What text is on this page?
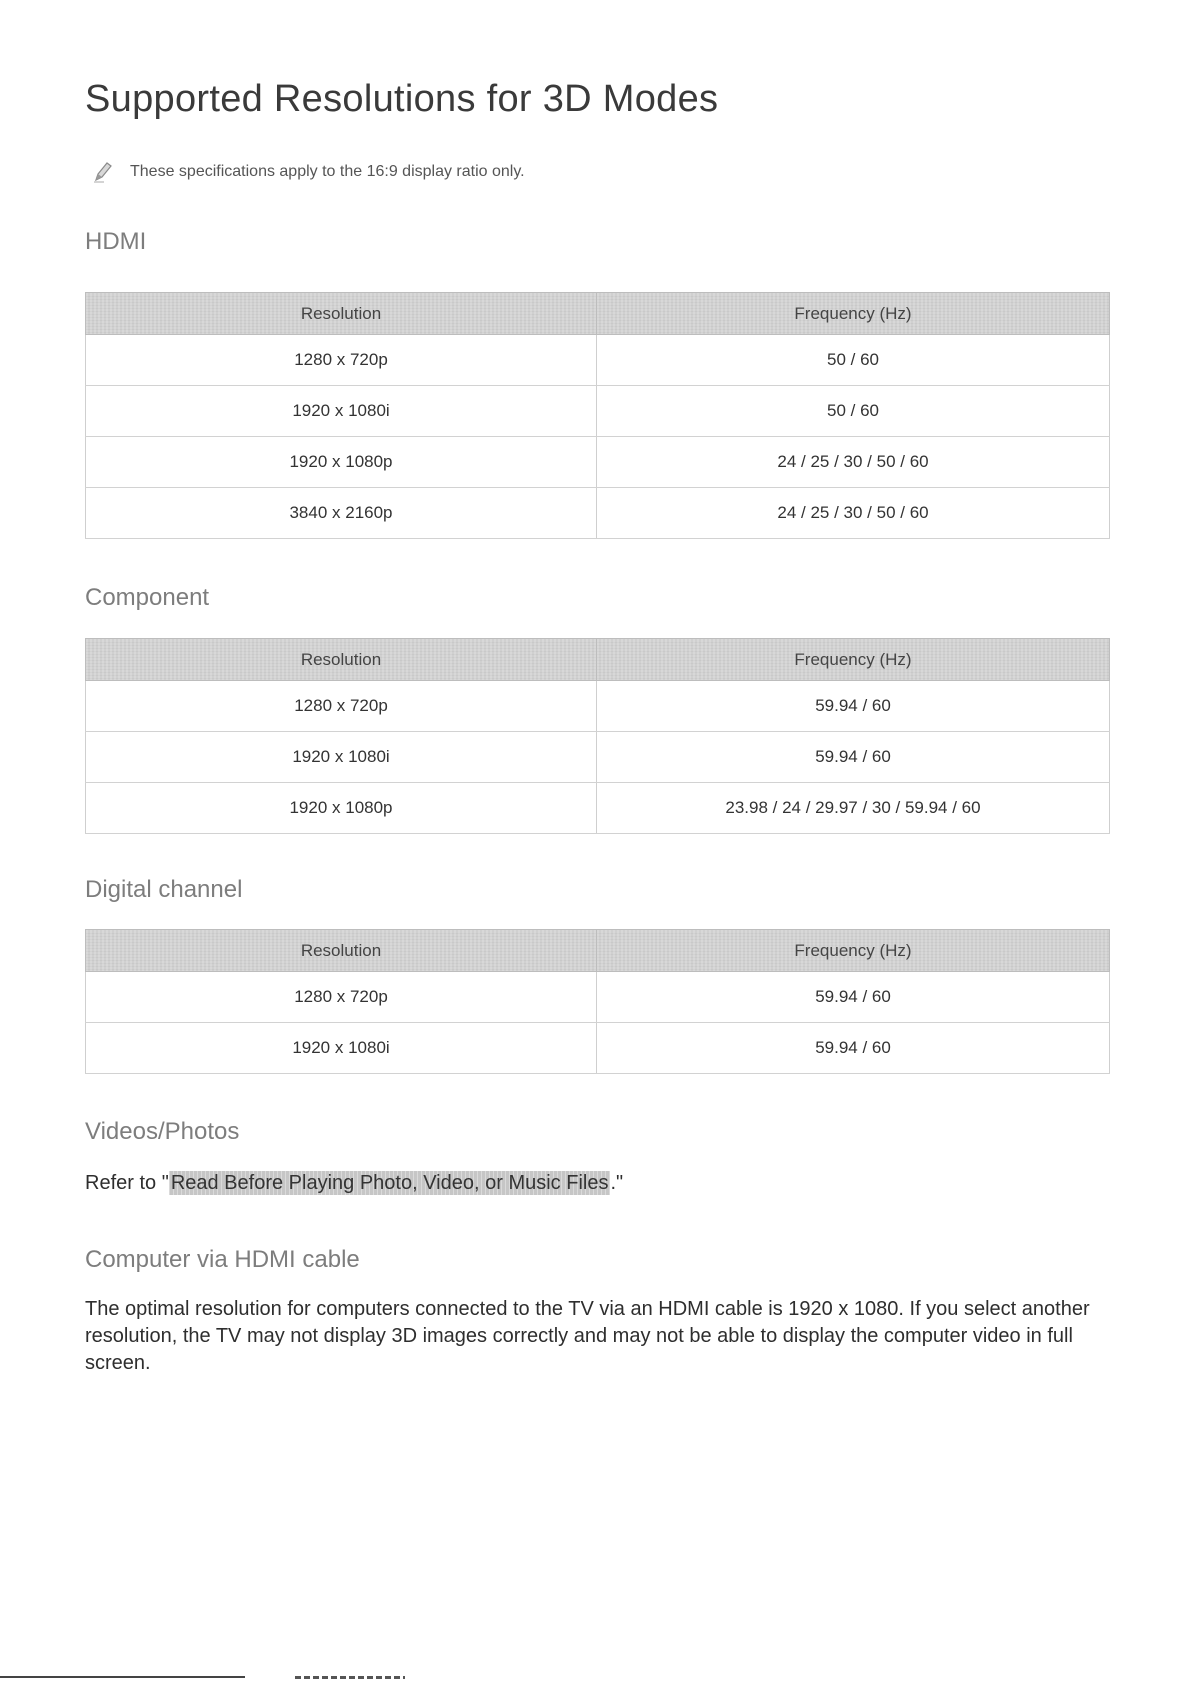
Supported Resolutions for 3D Modes
These specifications apply to the 16:9 display ratio only.
HDMI
Resolution	Frequency (Hz)
1280 x 720p	50 / 60
1920 x 1080i	50 / 60
1920 x 1080p	24 / 25 / 30 / 50 / 60
3840 x 2160p	24 / 25 / 30 / 50 / 60
Component
Resolution	Frequency (Hz)
1280 x 720p	59.94 / 60
1920 x 1080i	59.94 / 60
1920 x 1080p	23.98 / 24 / 29.97 / 30 / 59.94 / 60
Digital channel
Resolution	Frequency (Hz)
1280 x 720p	59.94 / 60
1920 x 1080i	59.94 / 60
Videos/Photos

Refer to " Read Before Playing Photo, Video, or Music Files ."

Computer via HDMI cable

The optimal resolution for computers connected to the TV via an HDMI cable is 1920 x 1080. If you select another resolution, the TV may not display 3D images correctly and may not be able to display the computer video in full screen.
